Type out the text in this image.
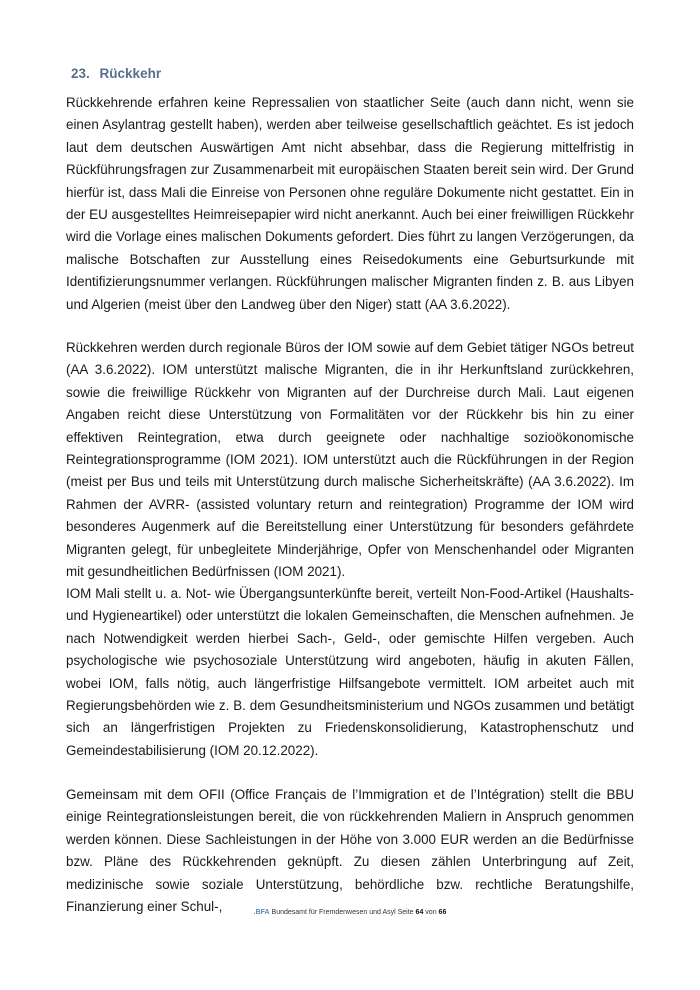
23. Rückkehr

Rückkehrende erfahren keine Repressalien von staatlicher Seite (auch dann nicht, wenn sie einen Asylantrag gestellt haben), werden aber teilweise gesellschaftlich geächtet. Es ist jedoch laut dem deutschen Auswärtigen Amt nicht absehbar, dass die Regierung mittelfristig in Rückführungsfragen zur Zusammenarbeit mit europäischen Staaten bereit sein wird. Der Grund hierfür ist, dass Mali die Einreise von Personen ohne reguläre Dokumente nicht gestattet. Ein in der EU ausgestelltes Heimreisepapier wird nicht anerkannt. Auch bei einer freiwilligen Rückkehr wird die Vorlage eines malischen Dokuments gefordert. Dies führt zu langen Verzögerungen, da malische Botschaften zur Ausstellung eines Reisedokuments eine Geburtsurkunde mit Identifizierungsnummer verlangen. Rückführungen malischer Migranten finden z. B. aus Libyen und Algerien (meist über den Landweg über den Niger) statt (AA 3.6.2022).

Rückkehren werden durch regionale Büros der IOM sowie auf dem Gebiet tätiger NGOs betreut (AA 3.6.2022). IOM unterstützt malische Migranten, die in ihr Herkunftsland zurückkehren, sowie die freiwillige Rückkehr von Migranten auf der Durchreise durch Mali. Laut eigenen Angaben reicht diese Unterstützung von Formalitäten vor der Rückkehr bis hin zu einer effektiven Reintegration, etwa durch geeignete oder nachhaltige sozioökonomische Reintegrationsprogramme (IOM 2021). IOM unterstützt auch die Rückführungen in der Region (meist per Bus und teils mit Unterstützung durch malische Sicherheitskräfte) (AA 3.6.2022). Im Rahmen der AVRR- (assisted voluntary return and reintegration) Programme der IOM wird besonderes Augenmerk auf die Bereitstellung einer Unterstützung für besonders gefährdete Migranten gelegt, für unbegleitete Minderjährige, Opfer von Menschenhandel oder Migranten mit gesundheitlichen Bedürfnissen (IOM 2021).

IOM Mali stellt u. a. Not- wie Übergangsunterkünfte bereit, verteilt Non-Food-Artikel (Haushalts- und Hygieneartikel) oder unterstützt die lokalen Gemeinschaften, die Menschen aufnehmen. Je nach Notwendigkeit werden hierbei Sach-, Geld-, oder gemischte Hilfen vergeben. Auch psychologische wie psychosoziale Unterstützung wird angeboten, häufig in akuten Fällen, wobei IOM, falls nötig, auch längerfristige Hilfsangebote vermittelt. IOM arbeitet auch mit Regierungsbehörden wie z. B. dem Gesundheitsministerium und NGOs zusammen und betätigt sich an längerfristigen Projekten zu Friedenskonsolidierung, Katastrophenschutz und Gemeindestabilisierung (IOM 20.12.2022).

Gemeinsam mit dem OFII (Office Français de l’Immigration et de l’Intégration) stellt die BBU einige Reintegrationsleistungen bereit, die von rückkehrenden Maliern in Anspruch genommen werden können. Diese Sachleistungen in der Höhe von 3.000 EUR werden an die Bedürfnisse bzw. Pläne des Rückkehrenden geknüpft. Zu diesen zählen Unterbringung auf Zeit, medizinische sowie soziale Unterstützung, behördliche bzw. rechtliche Beratungshilfe, Finanzierung einer Schul-,	.BFA Bundesamt für Fremdenwesen und Asyl Seite 64 von 66
